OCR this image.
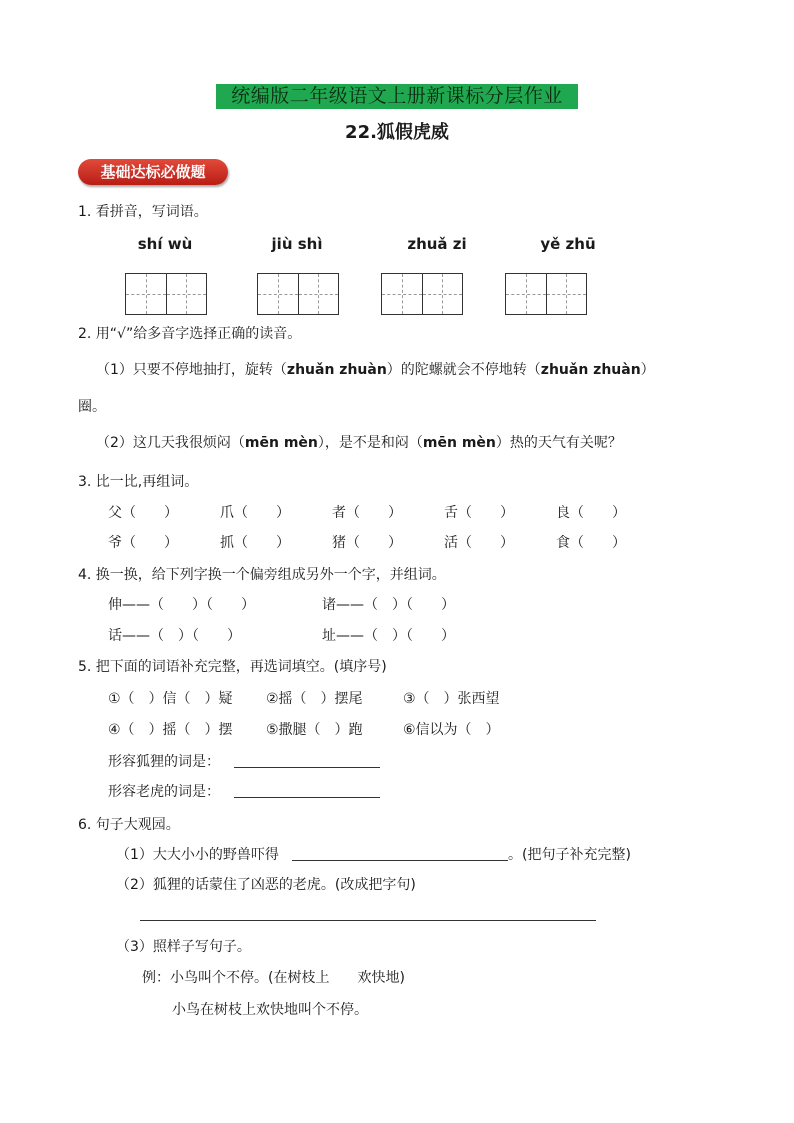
统编版二年级语文上册新课标分层作业
22.狐假虎威
基础达标必做题
1. 看拼音，写词语。
shí wù	jiù shì	zhuǎ zi	yě zhū
2. 用“√”给多音字选择正确的读音。
（1）只要不停地抽打，旋转（zhuǎn zhuàn）的陀螺就会不停地转（zhuǎn zhuàn）
圈。
（2）这几天我很烦闷（mēn mèn），是不是和闷（mēn mèn）热的天气有关呢？
3. 比一比,再组词。
父（　　）	爪（　　）	者（　　）	舌（　　）	良（　　）
爷（　　）	抓（　　）	猪（　　）	活（　　）	食（　　）
4. 换一换，给下列字换一个偏旁组成另外一个字，并组词。
伸——（　　）（　　）	诸——（　）（　　）
话——（　）（　　）	址——（　）（　　）
5. 把下面的词语补充完整，再选词填空。(填序号)
①（　）信（　）疑 ②摇（　）摆尾	③（　）张西望
④（　）摇（　）摆 ⑤撒腿（　）跑	⑥信以为（　）
形容狐狸的词是：
形容老虎的词是：
6. 句子大观园。
（1）大大小小的野兽吓得	。(把句子补充完整)
（2）狐狸的话蒙住了凶恶的老虎。(改成把字句)
（3）照样子写句子。
例：小鸟叫个不停。(在树枝上　　欢快地)
小鸟在树枝上欢快地叫个不停。
